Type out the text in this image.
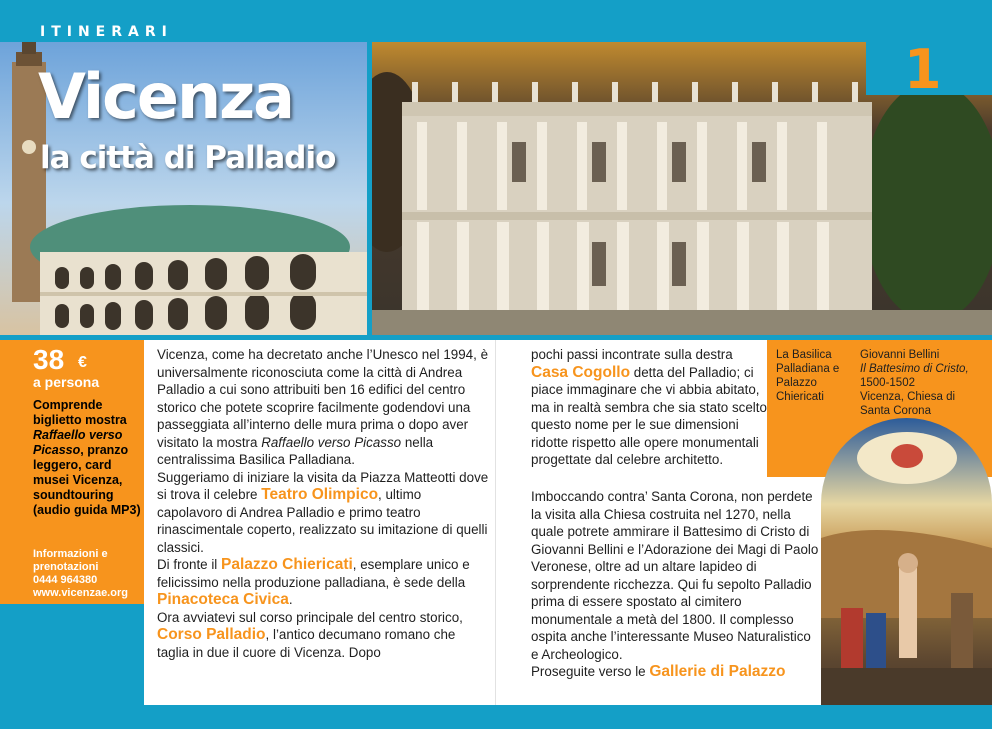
ITINERARI
Vicenza
la città di Palladio
1
38 €
a persona
Comprende
biglietto mostra
Raffaello verso Picasso, pranzo leggero, card musei Vicenza, soundtouring (audio guida MP3)
Informazioni e prenotazioni
0444 964380
www.vicenzae.org

Vicenza, come ha decretato anche l’Unesco nel 1994, è universalmente riconosciuta come la città di Andrea Palladio a cui sono attribuiti ben 16 edifici del centro storico che potete scoprire facilmente godendovi una passeggiata all’interno delle mura prima o dopo aver visitato la mostra Raffaello verso Picasso nella centralissima Basilica Palladiana.

Suggeriamo di iniziare la visita da Piazza Matteotti dove si trova il celebre Teatro Olimpico, ultimo capolavoro di Andrea Palladio e primo teatro rinascimentale coperto, realizzato su imitazione di quelli classici.

Di fronte il Palazzo Chiericati, esemplare unico e felicissimo nella produzione palladiana, è sede della Pinacoteca Civica.

Ora avviatevi sul corso principale del centro storico, Corso Palladio, l’antico decumano romano che taglia in due il cuore di Vicenza. Dopo

pochi passi incontrate sulla destra Casa Cogollo detta del Palladio; ci piace immaginare che vi abbia abitato, ma in realtà sembra che sia stato scelto questo nome per le sue dimensioni ridotte rispetto alle opere monumentali progettate dal celebre architetto.

Imboccando contra’ Santa Corona, non perdete la visita alla Chiesa costruita nel 1270, nella quale potrete ammirare il Battesimo di Cristo di Giovanni Bellini e l’Adorazione dei Magi di Paolo Veronese, oltre ad un altare lapideo di sorprendente ricchezza. Qui fu sepolto Palladio prima di essere spostato al cimitero monumentale a metà del 1800. Il complesso ospita anche l’interessante Museo Naturalistico e Archeologico.

Proseguite verso le Gallerie di Palazzo

La Basilica Palladiana e Palazzo Chiericati
Giovanni Bellini
Il Battesimo di Cristo, 1500-1502
Vicenza, Chiesa di Santa Corona
